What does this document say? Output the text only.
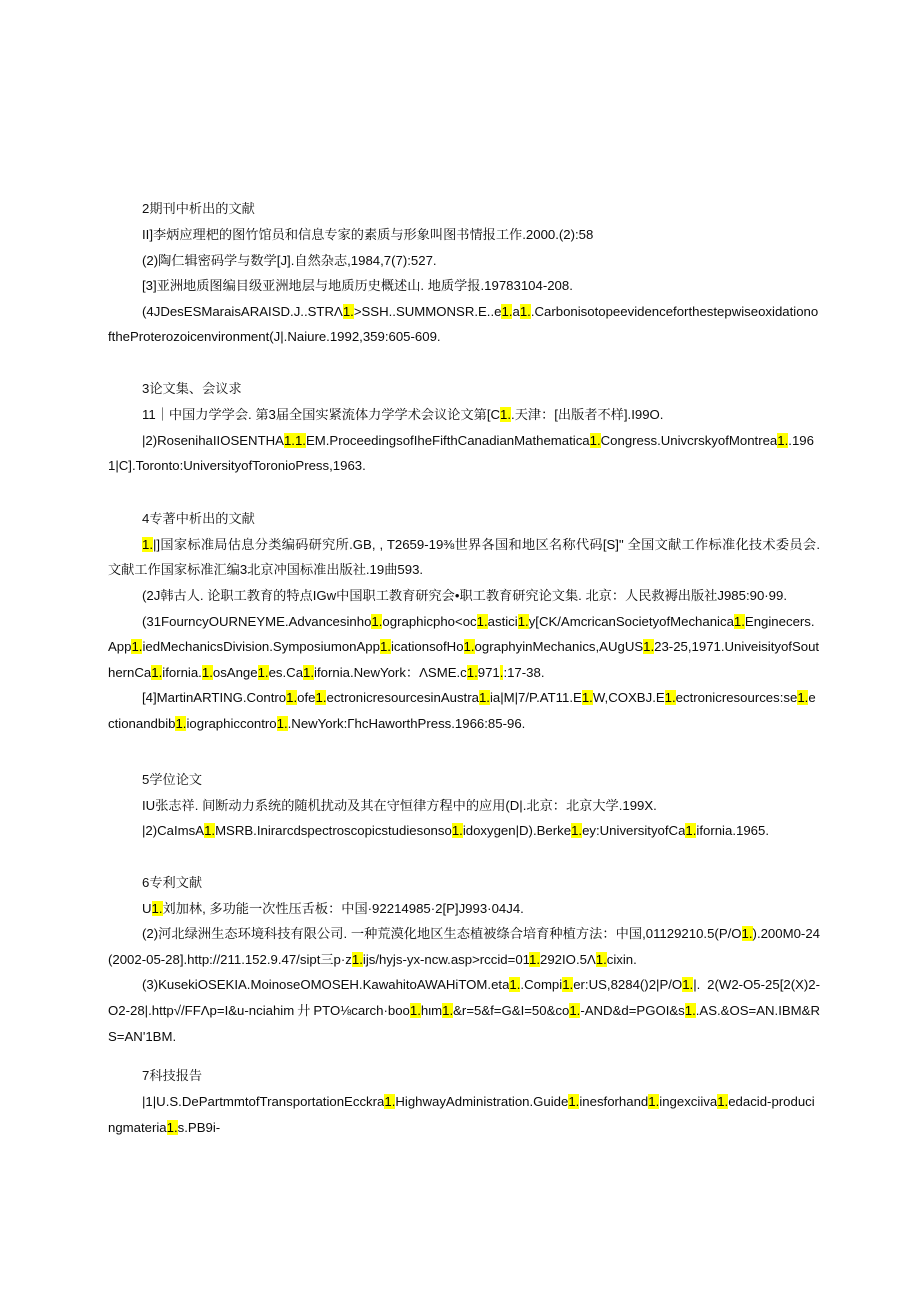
2期刊中析出的文献
II]李炳应理杷的图竹馆员和信息专家的素质与形象叫图书情报工作.2000.(2):58
(2)陶仁辑密码学与数学[J].自然杂志,1984,7(7):527.
[3]亚洲地质图编目级亚洲地层与地质历史概述山. 地质学报.19783104-208.
(4JDesESMaraisARAISD.J..STRΛ1.>SSH..SUMMONSR.E..e1.a1..CarbonisotopeevidenceforthestepwiseoxidationoftheProterozoicenvironment(J|.Naiure.1992,359:605-609.
3论文集、会议求
11｜中国力学学会. 第3届全国实紧流体力学学术会议论文第[C1..天津：[出版者不样].I99O.
|2)RosenihaIIOSENTHA1.1.EM.ProceedingsofIheFifthCanadianMathematica1.Congress.UnivcrskyofMontrea1..1961|C].Toronto:UniversityofToronioPress,1963.
4专著中析出的文献
1.|]国家标准局估息分类编码研究所.GB, , T2659-19⅜世界各国和地区名称代码[S]" 全国文献工作标准化技术委员会. 文献工作国家标准汇编3北京冲国标准出版社.19曲593.
(2J韩古人. 论职工教育的特点IGw中国职工教育研究会•职工教育研究论文集. 北京：人民救褥出版社J985:90·99.
(31FourncyOURNEYME.Advancesinho1.ographicpho<oc1.astici1.y[CK/AmcricanSocietyofMechanica1.Enginecers.App1.iedMechanicsDivision.SymposiumonApp1.icationsofHo1.ographyinMechanics,AUgUS1.23-25,1971.UniveisityofSouthernCa1.ifornia.1.osAnge1.es.Ca1.ifornia.NewYork：ΛSME.c1.971.:17-38.
[4]MartinARTING.Contro1.ofe1.ectronicresourcesinAustra1.ia|M|7/P.AT11.E1.W,COXBJ.E1.ectronicresources:se1.ectionandbib1.iographiccontro1..NewYork:ΓhcHaworthPress.1966:85-96.
5学位论文
IU张志祥. 间断动力系统的随机扰动及其在守恒律方程中的应用(D|.北京：北京大学.199X.
|2)CaImsA1.MSRB.Inirarcdspectroscopicstudiesonso1.idoxygen|D).Berke1.ey:UniversityofCa1.ifornia.1965.
6专利文献
U1.刘加林, 多功能一次性压舌板：中国·92214985·2[P]J993·04J4.
(2)河北绿洲生态环境科技有限公司. 一种荒漠化地区生态植被绦合培育种植方法：中国,01129210.5(P/O1.).200M0-24(2002-05-28].http://211.152.9.47/sipt三p·z1.ijs/hyjs-yx-ncw.asp>rccid=011.292IO.5Λ1.cixin.
(3)KusekiOSEKIA.MoinoseOMOSEH.KawahitoAWAHiTOM.eta1..Compi1.er:US,8284()2|P/O1.|. 2(W2-O5-25[2(X)2-O2-28|.http√/FFΛp=I&u-nciahim廾PTO⅛carch·boo1.hιm1.&r=5&f=G&I=50&co1.-AND&d=PGOI&s1..AS.&OS=AN.IBM&RS=AN'1BM.
7科技报告
|1|U.S.DePartmmtofTransportationEcckra1.HighwayAdministration.Guide1.inesforhand1.ingexciiva1.edacid-producingmateria1.s.PB9i-
